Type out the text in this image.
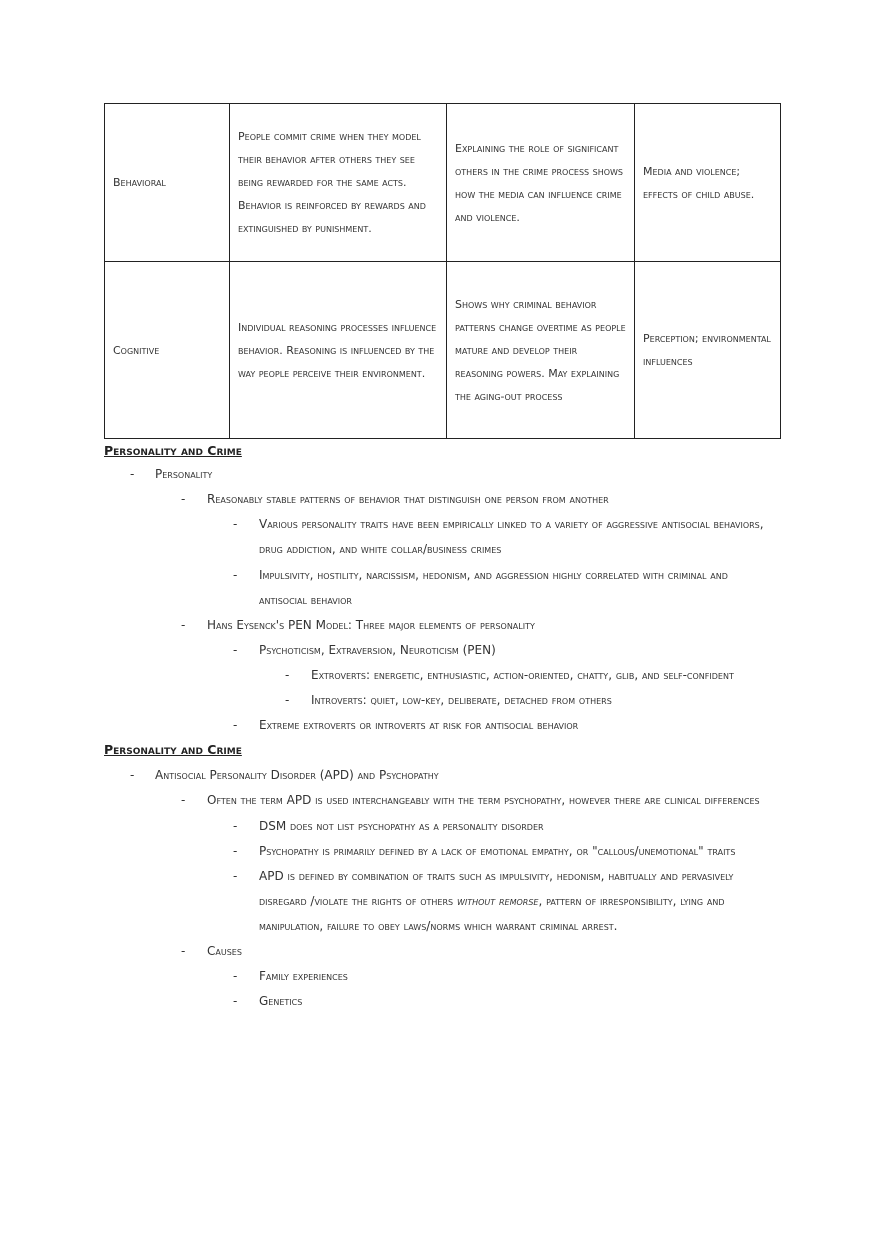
Behavioral	People commit crime when they model their behavior after others they see being rewarded for the same acts. Behavior is reinforced by rewards and extinguished by punishment.	Explaining the role of significant others in the crime process shows how the media can influence crime and violence.	Media and violence; effects of child abuse.
Cognitive	Individual reasoning processes influence behavior. Reasoning is influenced by the way people perceive their environment.	Shows why criminal behavior patterns change overtime as people mature and develop their reasoning powers. May explaining the aging-out process	Perception; environmental influences
Personality and Crime
- Personality
- Reasonably stable patterns of behavior that distinguish one person from another
- Various personality traits have been empirically linked to a variety of aggressive antisocial behaviors,
drug addiction, and white collar/business crimes
- Impulsivity, hostility, narcissism, hedonism, and aggression highly correlated with criminal and
antisocial behavior
- Hans Eysenck's PEN Model: Three major elements of personality
- Psychoticism, Extraversion, Neuroticism (PEN)
- Extroverts: energetic, enthusiastic, action-oriented, chatty, glib, and self-confident
- Introverts: quiet, low-key, deliberate, detached from others
- Extreme extroverts or introverts at risk for antisocial behavior
Personality and Crime
- Antisocial Personality Disorder (APD) and Psychopathy
- Often the term APD is used interchangeably with the term psychopathy, however there are clinical differences
- DSM does not list psychopathy as a personality disorder
- Psychopathy is primarily defined by a lack of emotional empathy, or "callous/unemotional" traits
- APD is defined by combination of traits such as impulsivity, hedonism, habitually and pervasively
disregard /violate the rights of others without remorse, pattern of irresponsibility, lying and
manipulation, failure to obey laws/norms which warrant criminal arrest.
- Causes
- Family experiences
- Genetics
